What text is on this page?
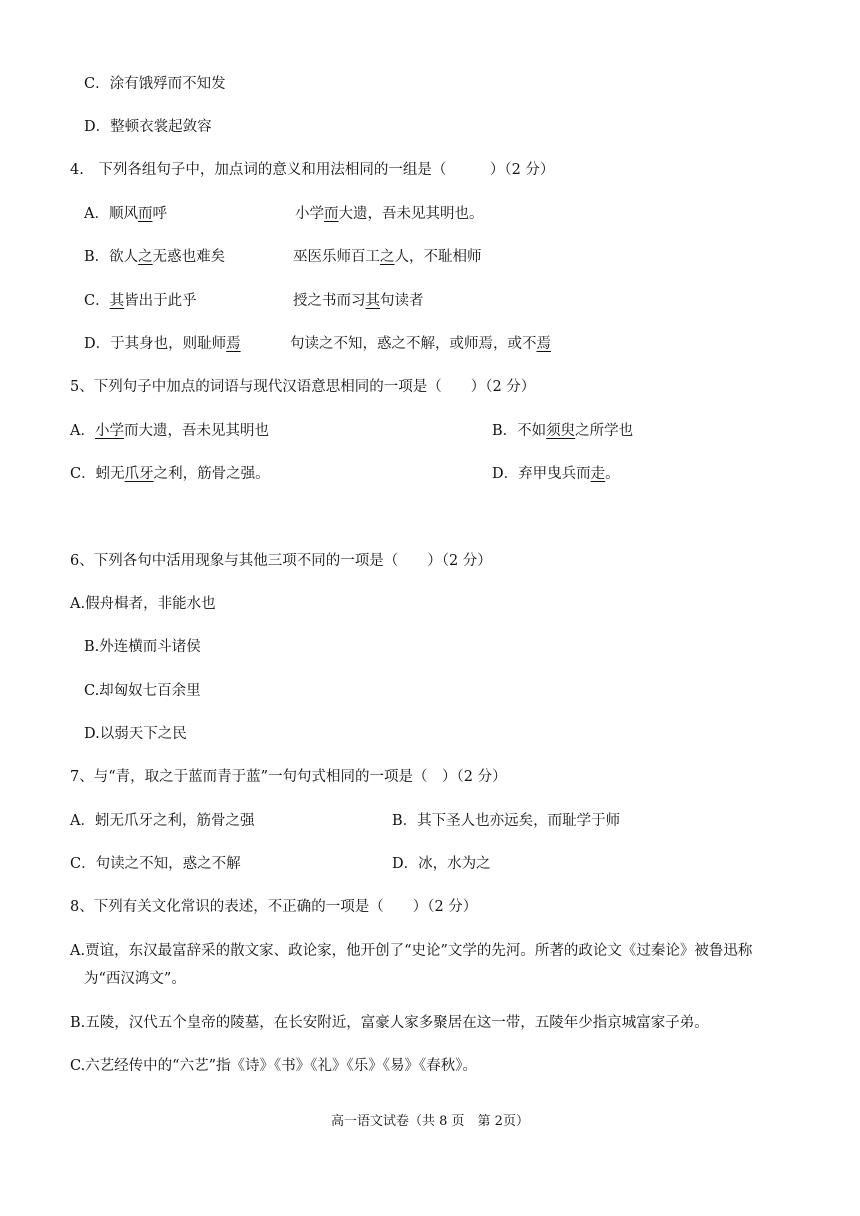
C．涂有饿殍而不知发
D．整顿衣裳起敛容
4.　下列各组句子中，加点词的意义和用法相同的一组是（　　　）（2 分）
A．顺风而呼	小学而大遗，吾未见其明也。
B．欲人之无惑也难矣	巫医乐师百工之人，不耻相师
C．其皆出于此乎	授之书而习其句读者
D．于其身也，则耻师焉	句读之不知，惑之不解，或师焉，或不焉
5、下列句子中加点的词语与现代汉语意思相同的一项是（　　）（2 分）
A．小学而大遗，吾未见其明也	B．不如须臾之所学也
C．蚓无爪牙之利，筋骨之强。	D．弃甲曳兵而走。
6、下列各句中活用现象与其他三项不同的一项是（　　）（2 分）
A.假舟楫者，非能水也
B.外连横而斗诸侯
C.却匈奴七百余里
D.以弱天下之民
7、与“青，取之于蓝而青于蓝”一句句式相同的一项是（　）（2 分）
A．蚓无爪牙之利，筋骨之强	B．其下圣人也亦远矣，而耻学于师
C．句读之不知，惑之不解	D．冰，水为之
8、下列有关文化常识的表述，不正确的一项是（　　）（2 分）
A.贾谊，东汉最富辞采的散文家、政论家，他开创了“史论”文学的先河。所著的政论文《过秦论》被鲁迅称
为“西汉鸿文”。
B.五陵，汉代五个皇帝的陵墓，在长安附近，富豪人家多聚居在这一带，五陵年少指京城富家子弟。
C.六艺经传中的“六艺”指《诗》《书》《礼》《乐》《易》《春秋》。
高一语文试卷（共 8 页　第 2页）
